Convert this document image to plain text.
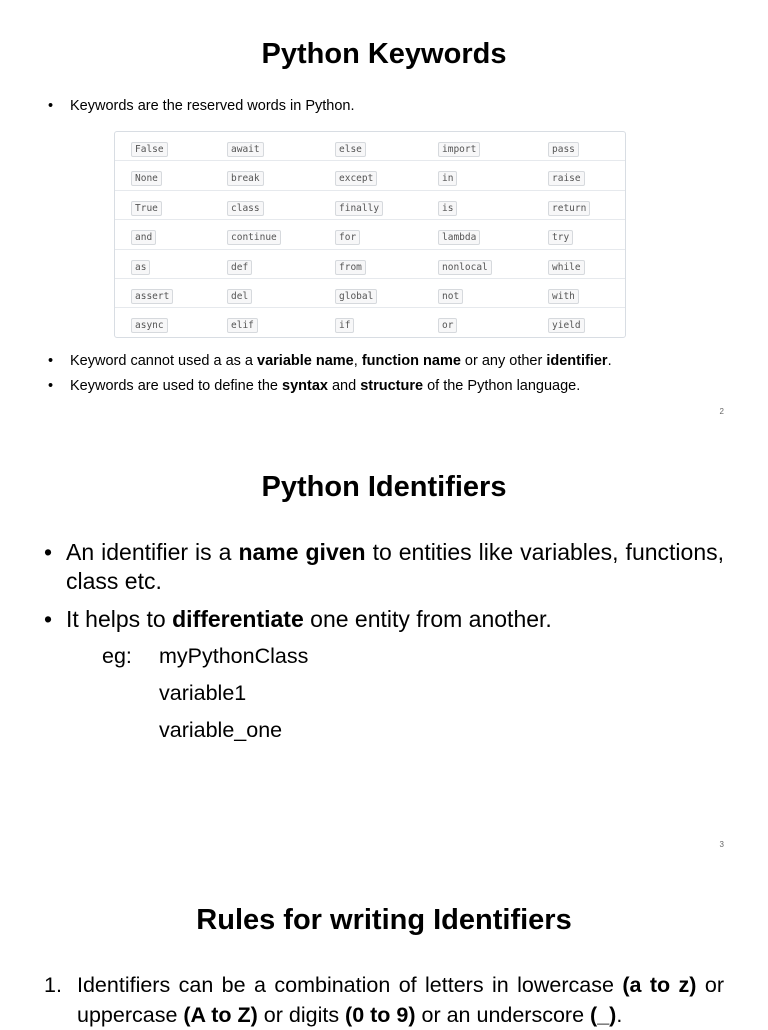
Python Keywords
• Keywords are the reserved words in Python.
False	await	else	import	pass
None	break	except	in	raise
True	class	finally	is	return
and	continue	for	lambda	try
as	def	from	nonlocal	while
assert	del	global	not	with
async	elif	if	or	yield
• Keyword cannot used a as a variable name, function name or any other identifier.
• Keywords are used to define the syntax and structure of the Python language.
2
Python Identifiers
• An identifier is a name given to entities like variables, functions, class etc.
• It helps to differentiate one entity from another.
eg: myPythonClass
variable1
variable_one
3
Rules for writing Identifiers
1. Identifiers can be a combination of letters in lowercase (a to z) or uppercase (A to Z) or digits (0 to 9) or an underscore (_).
